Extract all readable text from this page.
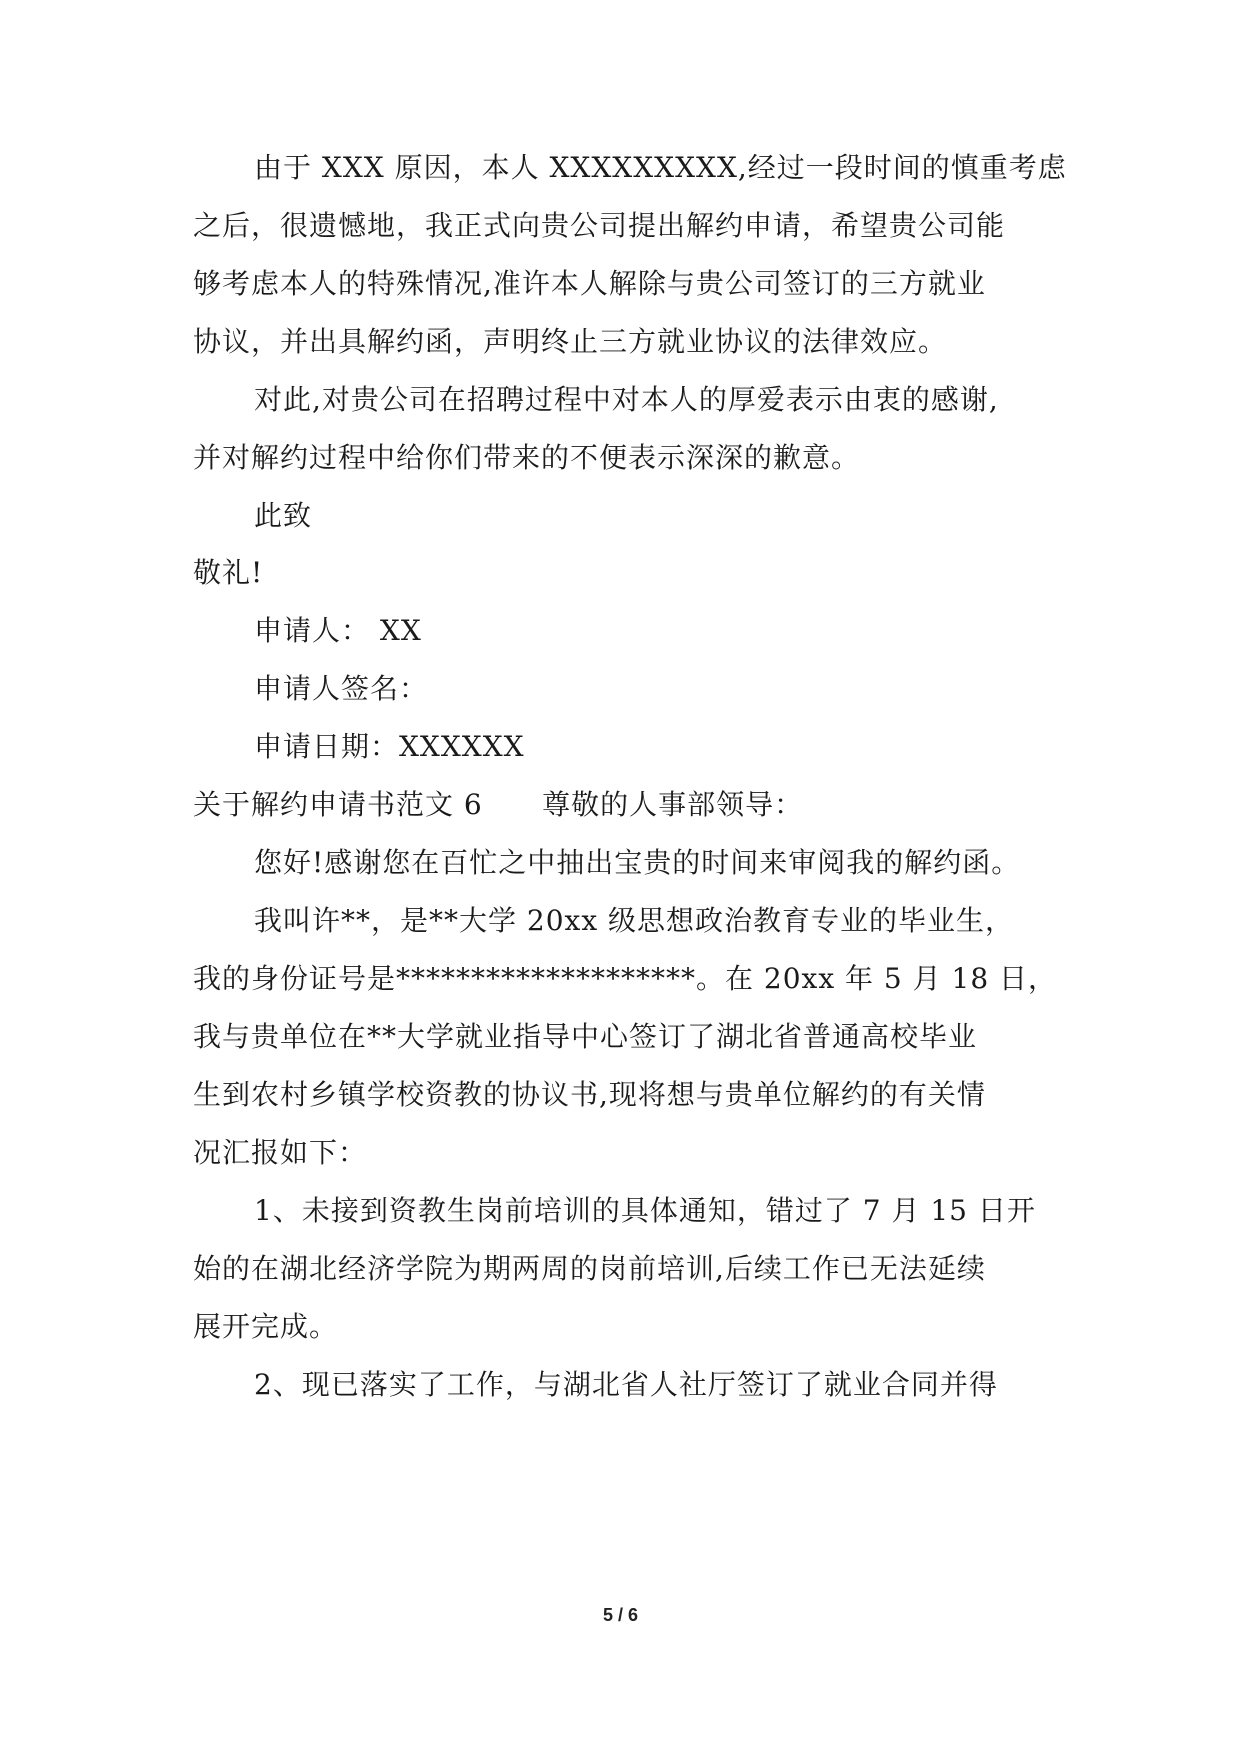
由于 XXX 原因，本人 XXXXXXXXX,经过一段时间的慎重考虑
之后，很遗憾地，我正式向贵公司提出解约申请，希望贵公司能
够考虑本人的特殊情况,准许本人解除与贵公司签订的三方就业
协议，并出具解约函，声明终止三方就业协议的法律效应。
对此,对贵公司在招聘过程中对本人的厚爱表示由衷的感谢,
并对解约过程中给你们带来的不便表示深深的歉意。
此致
敬礼!
申请人： XX
申请人签名：
申请日期：XXXXXX
关于解约申请书范文 6      尊敬的人事部领导：
您好!感谢您在百忙之中抽出宝贵的时间来审阅我的解约函。
我叫许**，是**大学 20xx 级思想政治教育专业的毕业生，
我的身份证号是********************。在 20xx 年 5 月 18 日，
我与贵单位在**大学就业指导中心签订了湖北省普通高校毕业
生到农村乡镇学校资教的协议书,现将想与贵单位解约的有关情
况汇报如下：
1、未接到资教生岗前培训的具体通知，错过了 7 月 15 日开
始的在湖北经济学院为期两周的岗前培训,后续工作已无法延续
展开完成。
2、现已落实了工作，与湖北省人社厅签订了就业合同并得
5 / 6
